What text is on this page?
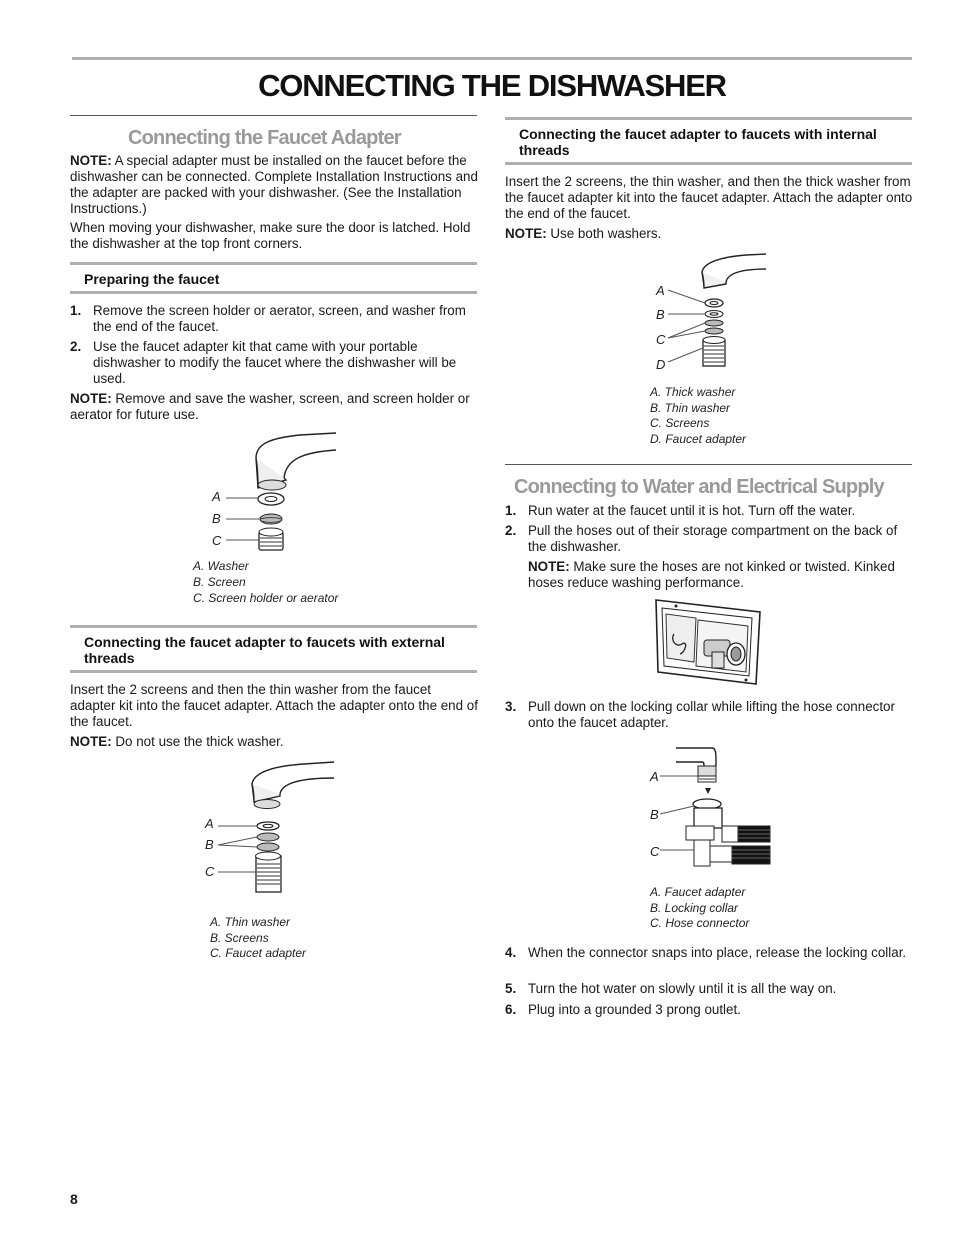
CONNECTING THE DISHWASHER
Connecting the Faucet Adapter
NOTE: A special adapter must be installed on the faucet before the dishwasher can be connected. Complete Installation Instructions and the adapter are packed with your dishwasher. (See the Installation Instructions.)
When moving your dishwasher, make sure the door is latched. Hold the dishwasher at the top front corners.
Preparing the faucet
1. Remove the screen holder or aerator, screen, and washer from the end of the faucet.
2. Use the faucet adapter kit that came with your portable dishwasher to modify the faucet where the dishwasher will be used.
NOTE: Remove and save the washer, screen, and screen holder or aerator for future use.
A
B
C
A. Washer
B. Screen
C. Screen holder or aerator
Connecting the faucet adapter to faucets with external threads
Insert the 2 screens and then the thin washer from the faucet adapter kit into the faucet adapter. Attach the adapter onto the end of the faucet.
NOTE: Do not use the thick washer.
A
B
C
A. Thin washer
B. Screens
C. Faucet adapter
Connecting the faucet adapter to faucets with internal threads
Insert the 2 screens, the thin washer, and then the thick washer from the faucet adapter kit into the faucet adapter. Attach the adapter onto the end of the faucet.
NOTE: Use both washers.
A
B
C
D
A. Thick washer
B. Thin washer
C. Screens
D. Faucet adapter
Connecting to Water and Electrical Supply
1. Run water at the faucet until it is hot. Turn off the water.
2. Pull the hoses out of their storage compartment on the back of the dishwasher.
NOTE: Make sure the hoses are not kinked or twisted. Kinked hoses reduce washing performance.
3. Pull down on the locking collar while lifting the hose connector onto the faucet adapter.
A
B
C
A. Faucet adapter
B. Locking collar
C. Hose connector
4. When the connector snaps into place, release the locking collar.
5. Turn the hot water on slowly until it is all the way on.
6. Plug into a grounded 3 prong outlet.
8
